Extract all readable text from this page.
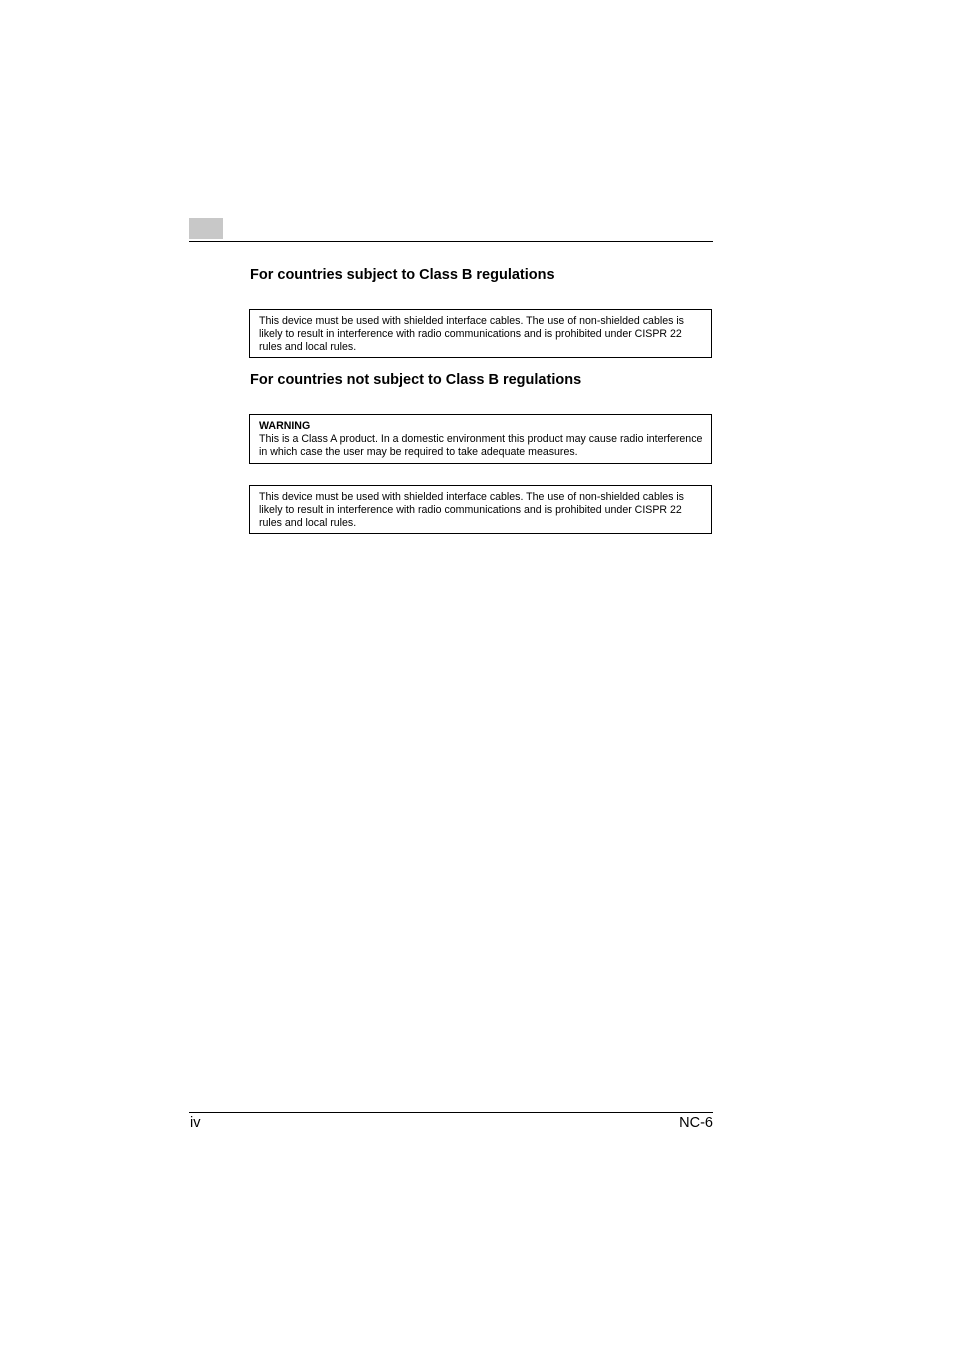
For countries subject to Class B regulations

This device must be used with shielded interface cables. The use of non-shielded cables is likely to result in interference with radio communications and is prohibited under CISPR 22 rules and local rules.

For countries not subject to Class B regulations
WARNING

This is a Class A product. In a domestic environment this product may cause radio interference in which case the user may be required to take adequate measures.

This device must be used with shielded interface cables. The use of non-shielded cables is likely to result in interference with radio communications and is prohibited under CISPR 22 rules and local rules.

iv	NC-6
